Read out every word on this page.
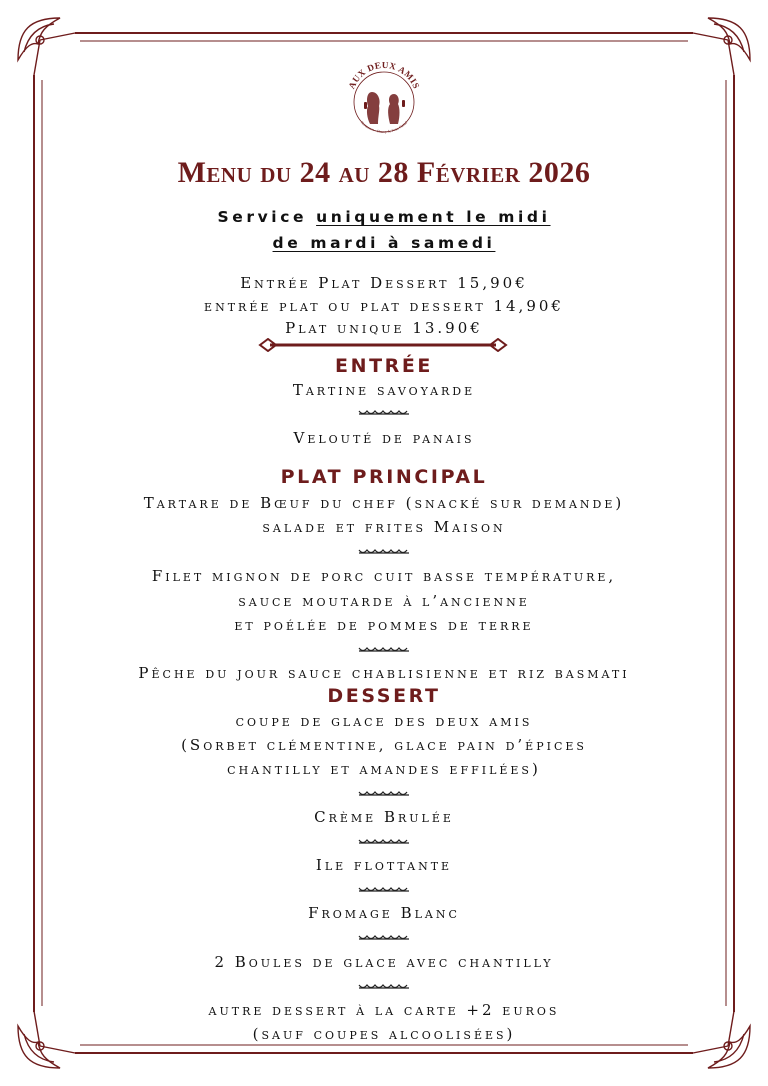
AUX DEUX AMIS
Restaurant · Champ de Foire Cantal
Menu du 24 au 28 Février 2026
Service uniquement le midi
de mardi à samedi
Entrée Plat Dessert 15,90€
entrée plat ou plat dessert 14,90€
Plat unique 13.90€
ENTRÉE
Tartine savoyarde
Velouté de panais
PLAT PRINCIPAL
Tartare de Bœuf du chef (snacké sur demande)
salade et frites Maison
Filet mignon de porc cuit basse température,
sauce moutarde à l’ancienne
et poélée de pommes de terre
Pêche du jour sauce chablisienne et riz basmati
DESSERT
coupe de glace des deux amis
(Sorbet clémentine, glace pain d’épices
chantilly et amandes effilées)
Crème Brulée
Ile flottante
Fromage Blanc
2 Boules de glace avec chantilly
autre dessert à la carte +2 euros
(sauf coupes alcoolisées)
